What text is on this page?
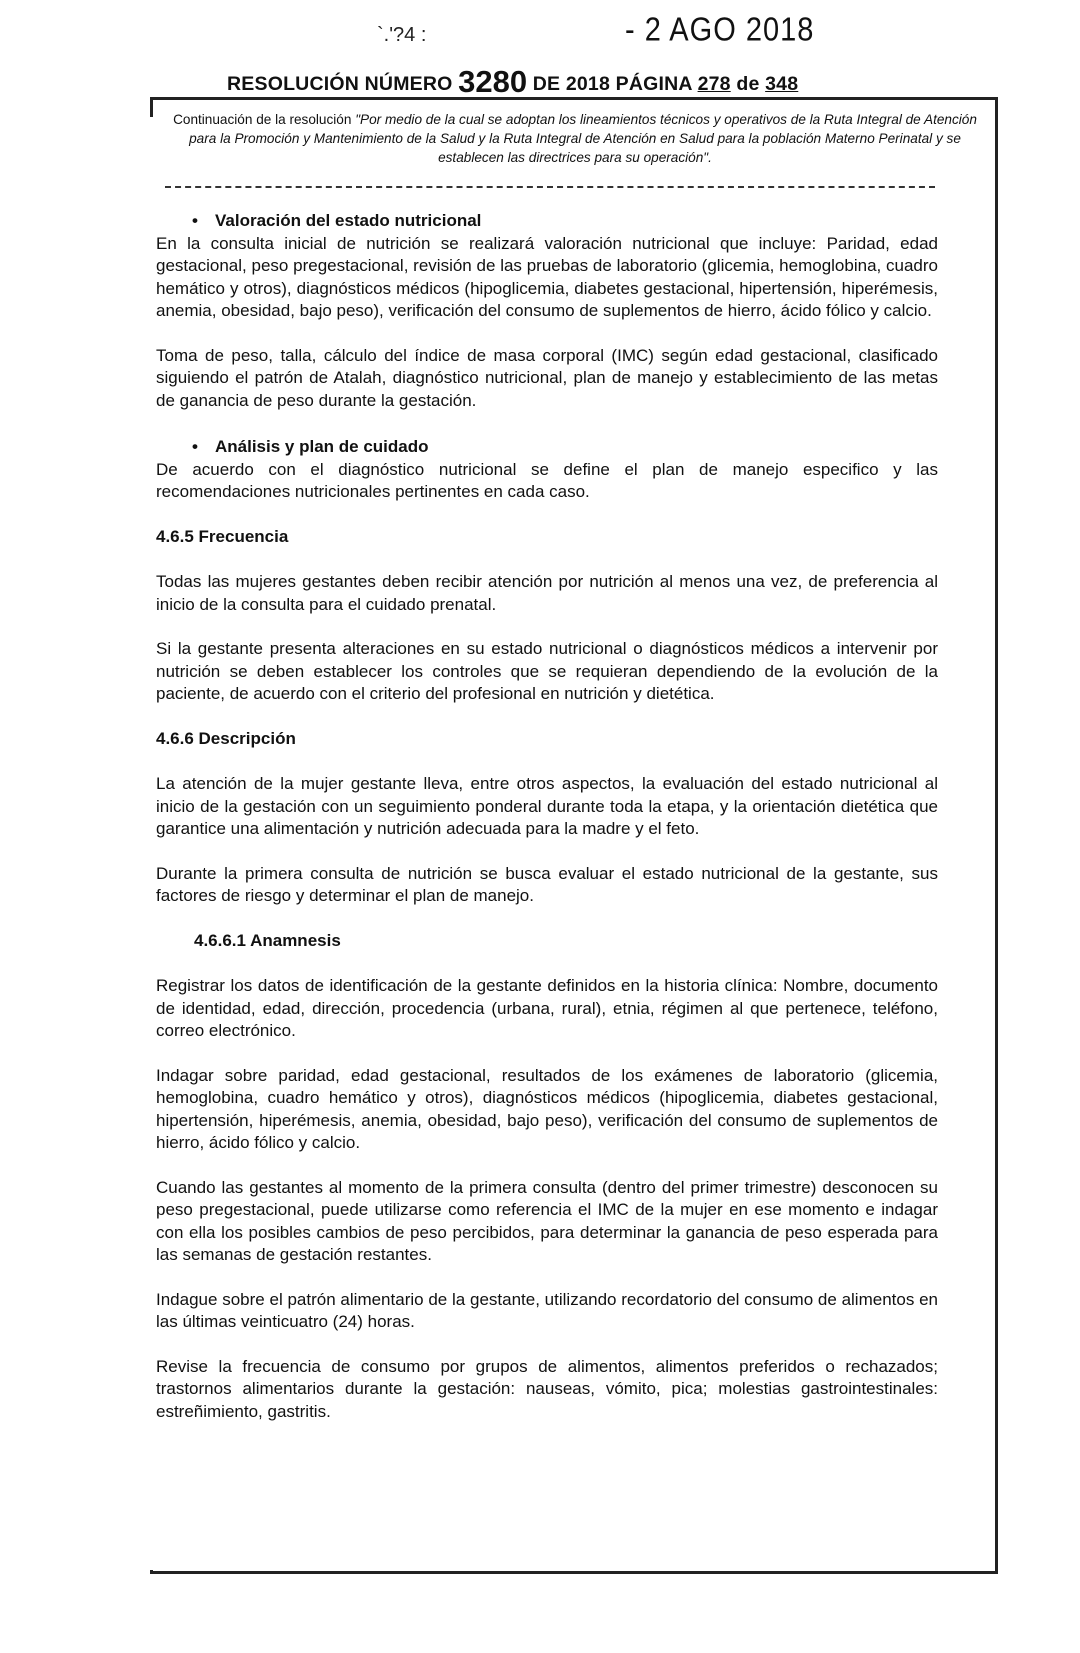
`.'?4 :	- 2 AGO 2018
RESOLUCIÓN NÚMERO 3280 DE 2018 PÁGINA 278 de 348
Continuación de la resolución "Por medio de la cual se adoptan los lineamientos técnicos y operativos de la Ruta Integral de Atención para la Promoción y Mantenimiento de la Salud y la Ruta Integral de Atención en Salud para la población Materno Perinatal y se establecen las directrices para su operación".
• Valoración del estado nutricional

En la consulta inicial de nutrición se realizará valoración nutricional que incluye: Paridad, edad gestacional, peso pregestacional, revisión de las pruebas de laboratorio (glicemia, hemoglobina, cuadro hemático y otros), diagnósticos médicos (hipoglicemia, diabetes gestacional, hipertensión, hiperémesis, anemia, obesidad, bajo peso), verificación del consumo de suplementos de hierro, ácido fólico y calcio.

Toma de peso, talla, cálculo del índice de masa corporal (IMC) según edad gestacional, clasificado siguiendo el patrón de Atalah, diagnóstico nutricional, plan de manejo y establecimiento de las metas de ganancia de peso durante la gestación.

• Análisis y plan de cuidado

De acuerdo con el diagnóstico nutricional se define el plan de manejo especifico y las recomendaciones nutricionales pertinentes en cada caso.

4.6.5 Frecuencia

Todas las mujeres gestantes deben recibir atención por nutrición al menos una vez, de preferencia al inicio de la consulta para el cuidado prenatal.

Si la gestante presenta alteraciones en su estado nutricional o diagnósticos médicos a intervenir por nutrición se deben establecer los controles que se requieran dependiendo de la evolución de la paciente, de acuerdo con el criterio del profesional en nutrición y dietética.

4.6.6 Descripción

La atención de la mujer gestante lleva, entre otros aspectos, la evaluación del estado nutricional al inicio de la gestación con un seguimiento ponderal durante toda la etapa, y la orientación dietética que garantice una alimentación y nutrición adecuada para la madre y el feto.

Durante la primera consulta de nutrición se busca evaluar el estado nutricional de la gestante, sus factores de riesgo y determinar el plan de manejo.

4.6.6.1 Anamnesis

Registrar los datos de identificación de la gestante definidos en la historia clínica: Nombre, documento de identidad, edad, dirección, procedencia (urbana, rural), etnia, régimen al que pertenece, teléfono, correo electrónico.

Indagar sobre paridad, edad gestacional, resultados de los exámenes de laboratorio (glicemia, hemoglobina, cuadro hemático y otros), diagnósticos médicos (hipoglicemia, diabetes gestacional, hipertensión, hiperémesis, anemia, obesidad, bajo peso), verificación del consumo de suplementos de hierro, ácido fólico y calcio.

Cuando las gestantes al momento de la primera consulta (dentro del primer trimestre) desconocen su peso pregestacional, puede utilizarse como referencia el IMC de la mujer en ese momento e indagar con ella los posibles cambios de peso percibidos, para determinar la ganancia de peso esperada para las semanas de gestación restantes.

Indague sobre el patrón alimentario de la gestante, utilizando recordatorio del consumo de alimentos en las últimas veinticuatro (24) horas.

Revise la frecuencia de consumo por grupos de alimentos, alimentos preferidos o rechazados; trastornos alimentarios durante la gestación: nauseas, vómito, pica; molestias gastrointestinales: estreñimiento, gastritis.
